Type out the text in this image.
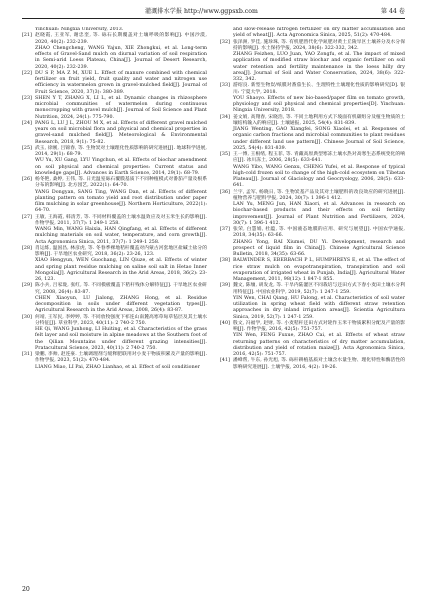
灌溉排水学报 http://www.ggpsxb.com	第 44 卷
Yinchuan: Ningxia University, 2013.
[21] 赵晓霞, 王亚军, 谢忠奎, 等. 砾石长期覆盖对土壤呼吸的影响[J]. 中国沙漠, 2020, 40(2): 232-239.
ZHAO Chengcheng, WANG Yajun, XIE Zhongkui, et al. Long-term effects of Gravel-Sand mulch on diurnal variation of soil respiration in Semi-arid Loess Plateau, China[J]. Journal of Desert Research, 2020, 40(2): 232-239.
[22] DU S P, MA Z M, XUE L. Effect of manure combined with chemical fertilizer on fruit yield, fruit quality and water and nitrogen use efficiency in watermelon grown in gravel-mulched field[J]. Journal of Fruit Science, 2020, 37(3): 380-389.
[23] SHEN Y T, ZHANG X, LI L, et al. Dynamic changes in rhizosphere microbial communities of watermelon during continuous monocropping with gravel mulch[J]. Journal of Soil Science and Plant Nutrition, 2024, 24(1): 775-790.
[24] PANG L, LU J L, ZHOU M X, et al. Effects of different gravel mulched years on soil microbial flora and physical and chemical properties in gravel-sand mulched field[J]. Meteorological & Environmental Research, 2018, 9(1): 75-82.
[25] 武玉, 徐刚, 吕锦春, 等. 生物炭对土壤理化性质影响的研究进展[J]. 地球科学进展, 2014, 29(1): 68-79.
WU Yu, XU Gang, LYU Yingchun, et al. Effects of biochar amendment on soil physical and chemical properties: Current status and knowledge gaps[J]. Advances in Earth Science, 2014, 29(1): 68-79.
[26] 杨冬艳, 桑婷, 王伟, 等. 日光温室砾石覆膜基质下不同种植模式对番茄产量及根系分布的影响[J]. 北方园艺, 2022(1): 64-70.
YANG Dongyan, SANG Ting, WANG Dan, et al. Effects of different planting pattern on tomato yield and root distribution under paper film mulching in solar greenhouse[J]. Northern Horticulture, 2022(1): 64-70.
[27] 王敏, 王海霞, 韩清芳, 等. 不同材料覆盖的土壤水温效应及对玉米生长的影响[J]. 作物学报, 2011, 37(7): 1 249-1 258.
WANG Min, WANG Haixia, HAN Qingfang, et al. Effects of different mulching materials on soil water, temperature, and corn growth[J]. Acta Agronomica Sinica, 2011, 37(7): 1 249-1 258.
[28] 肖运炼, 温国昌, 林彦虎, 等. 冬春季裸地秸秆覆盖对内蒙古河套地区盐碱土盐分的影响[J]. 干旱地区农业研究, 2018, 36(2): 23-26, 123.
XIAO Hengyun, WEN Guochang, LIN Qiuze, et al. Effects of winter and spring plant residue mulching on saline soil salt in Hetao Inner Mongolia[J]. Agricultural Research in the Arid Areas, 2018, 36(2): 23-26, 123.
[29] 陈小兵, 吕家珑, 张红, 等. 不同模板覆盖下秸秆残体分解特征[J]. 干旱地区农业研究, 2008, 26(4): 83-87.
CHEN Xiaoyun, LU Jialong, ZHANG Hong, et al. Residue decomposition in soils under different vegetation types[J]. Agricultural Research in the Arid Areas, 2008, 26(4): 83-87.
[30] 何靖, 王军民, 李婷婷, 等. 不同放牧强度下祁连山南麓高寒草甸草毡层及其土壤水分特征[J]. 草业科学, 2023, 40(11): 2 740-2 750.
HE Qi, WANG Junhong, LI Huiting, et al. Characteristics of the grass felt layer and soil moisture in alpine meadows at the Southern foot of the Qilian Mountains under different grazing intensities[J]. Pratacultural Science, 2023, 40(11): 2 740-2 750.
[31] 梁鹏, 李帅, 赵连豪. 土壤调理剂与缓释肥联用对小麦干物质积累及产量的影响[J]. 作物学报, 2023, 51(2): 470-484.
LIANG Miao, LI Pai, ZHAO Lianhao, et al. Effect of soil conditioner
and slow-release nitrogen fertilizer on dry matter accumulation and yield of wheat[J]. Acta Agronomica Sinica, 2025, 51(2): 470-484.
[32] 张泽洲, 罗佳, 施珍珠, 等. 有机肥替代化学氮肥对黄土丘陵旱区土壤养分及水分保持的影响[J]. 水土保持学报, 2024, 38(6): 322-332, 342.
ZHANG Feizhen, LUO Juan, YAO Zongfu, et al. The impact of mixed application of modified straw biochar and organic fertilizer on soil water retention and fertility maintenance in the loess hilly dry area[J]. Journal of Soil and Water Conservation, 2024, 38(6): 322-332, 342.
[33] 游绍良. 新型生物炭/纸膜对番茄生长、生理特性土壤理化性质的影响研究[D]. 银川: 宁夏大学, 2018.
YOU Shaoyo. Effects of new bio-based/paper film on tomato growth, physiology and soil physical and chemical properties[D]. Yinchuan: Ningxia University, 2018.
[34] 姜文娟, 高翔春, 宋晓浩, 等. 不同土地利用方式下坡面有机碳组分及植生物质的土壤结构输入的响应[J]. 土壤通报, 2025, 54(4): 831-839.
JIANG Wenting, GAO Xiangfei, SONG Xiaolei, et al. Responses of organic carbon fractions and microbial communities to plant residues under different land use pattern[J]. Chinese Journal of Soil Science, 2025, 54(4): 831-839.
[35] 王一博, 王根绪, 程玉菲, 等. 青藏高原典型寒冻土壤水热对高寒生态系统变化的响应[J]. 冰川冻土, 2006, 28(5): 633-641.
WANG Yibo, WANG Genxu, CHENG Yufei, et al. Response of typical high-cold frozen soil to change of the high-cold ecosystem on Tibetan Plateau[J]. Journal of Glaciology and Geocryology, 2006, 28(5): 633-641.
[36] 兰宇, 孟军, 杨晓日, 等. 生物炭基产品及其对土壤肥料的改良效应的研究进展[J]. 植物营养与肥料学报, 2024, 30(7): 1 396-1 412.
LAN Yu, MENG Jun, HAN Xiaori, et al. Advances in research on biochar-based products and their effects on soil fertility improvement[J]. Journal of Plant Nutrition and Fertilizers, 2024, 30(7): 1 396-1 412.
[37] 张荣, 白慧娟, 杜蕴, 等. 中国液态地膜的应用、研究与展望[J]. 中国农学通报, 2018, 34(35): 63-66.
ZHANG Yong, BAI Xiumei, DU Yi. Development, research and prospect of liquid film in China[J]. Chinese Agricultural Science Bulletin, 2018, 34(35): 63-66.
[38] BALWINDER S, EBERBACH P L, HUMPHREYS E, et al. The effect of rice straw mulch on evapotranspiration, transpiration and soil evaporation of irrigated wheat in Punjab, India[J]. Agricultural Water Management, 2011, 98(12): 1 847-1 855.
[39] 魏文, 陈缅, 胡发龙, 等. 干旱内陆灌区不同栽培与还田方式下春小麦田土壤水分利用特征[J]. 中国农业科学, 2019, 52(7): 1 247-1 259.
YIN Wen, CHAI Qiang, HU Falong, et al. Characteristics of soil water utilization in spring wheat field with different straw retention approaches in dry inland irrigation areas[J]. Scientia Agricultura Sinica, 2019, 52(7): 1 247-1 259.
[40] 殷文, 冯福学, 赵财, 等. 小麦秸秆还田方式对轮作玉米干物质累积分配及产量的影响[J]. 作物学报, 2016, 42(5): 751-757.
YIN Wen, FENG Fuxue, ZHAO Cai, et al. Effects of wheat straw returning patterns on characteristics of dry matter accumulation, distribution and yield of rotation maize[J]. Acta Agronomica Sinica, 2016, 42(5): 751-757.
[41] 潘峰帮, 牛东, 孙光旭, 等. 砾秆耕植基质对土壤含水量生物、理化特性和酶活性的影响研究进展[J]. 土壤学报, 2016, 4(2): 19-26.
20
